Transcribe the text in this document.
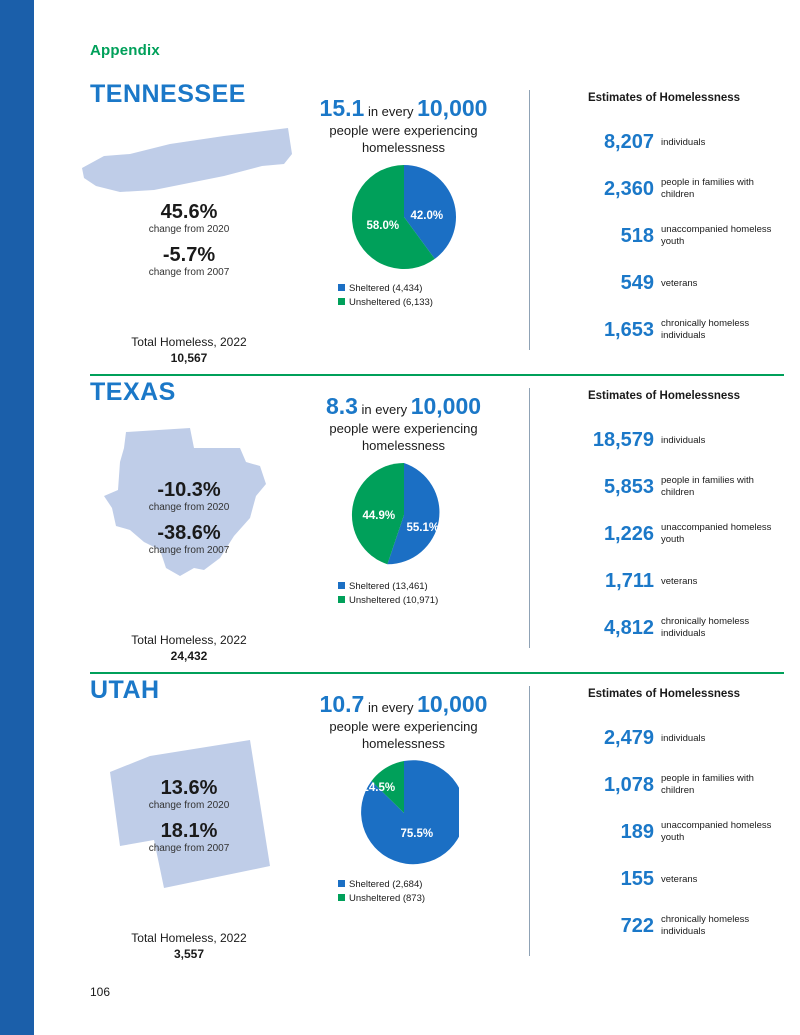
Appendix
TENNESSEE
45.6%
change from 2020
-5.7%
change from 2007
Total Homeless, 2022
10,567
15.1 in every 10,000
people were experiencing
homelessness
42.0%
58.0%
Sheltered (4,434)
Unsheltered (6,133)
Estimates of Homelessness
8,207 individuals
2,360 people in families with children
518 unaccompanied homeless youth
549 veterans
1,653 chronically homeless individuals
TEXAS
-10.3%
change from 2020
-38.6%
change from 2007
Total Homeless, 2022
24,432
8.3 in every 10,000
people were experiencing
homelessness
55.1%
44.9%
Sheltered (13,461)
Unsheltered (10,971)
Estimates of Homelessness
18,579 individuals
5,853 people in families with children
1,226 unaccompanied homeless youth
1,711 veterans
4,812 chronically homeless individuals
UTAH
13.6%
change from 2020
18.1%
change from 2007
Total Homeless, 2022
3,557
10.7 in every 10,000
people were experiencing
homelessness
75.5%
24.5%
Sheltered (2,684)
Unsheltered (873)
Estimates of Homelessness
2,479 individuals
1,078 people in families with children
189 unaccompanied homeless youth
155 veterans
722 chronically homeless individuals
106
